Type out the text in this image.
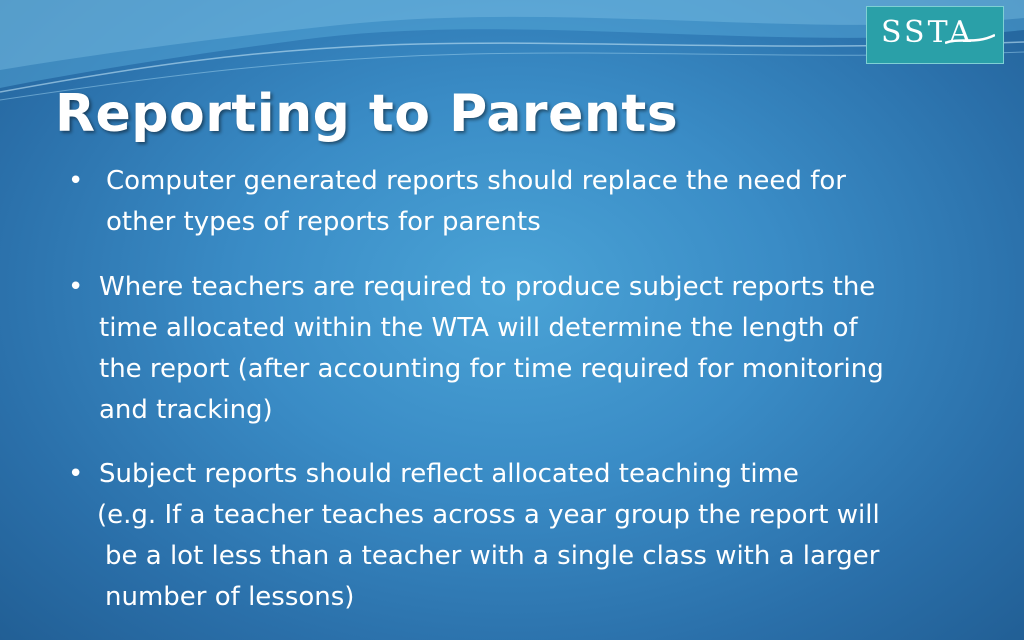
SSTA
Reporting to Parents
• Computer generated reports should replace the need for
other types of reports for parents
• Where teachers are required to produce subject reports the
time allocated within the WTA will determine the length of
the report (after accounting for time required for monitoring
and tracking)
• Subject reports should reflect allocated teaching time
(e.g. If a teacher teaches across a year group the report will
be a lot less than a teacher with a single class with a larger
number of lessons)
